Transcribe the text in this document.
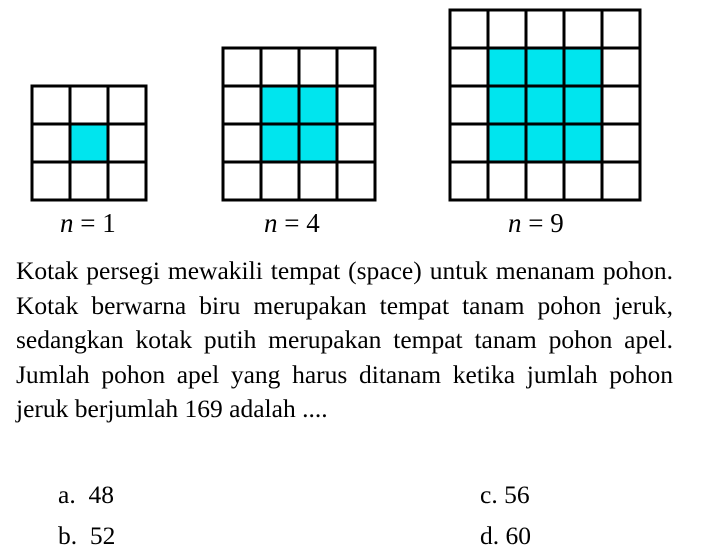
n = 1	n = 4	n = 9

Kotak persegi mewakili tempat (space) untuk menanam pohon. Kotak berwarna biru merupakan tempat tanam pohon jeruk, sedangkan kotak putih merupakan tempat tanam pohon apel. Jumlah pohon apel yang harus ditanam ketika jumlah pohon jeruk berjumlah 169 adalah ....

a. 48
b. 52
c. 56
d. 60
